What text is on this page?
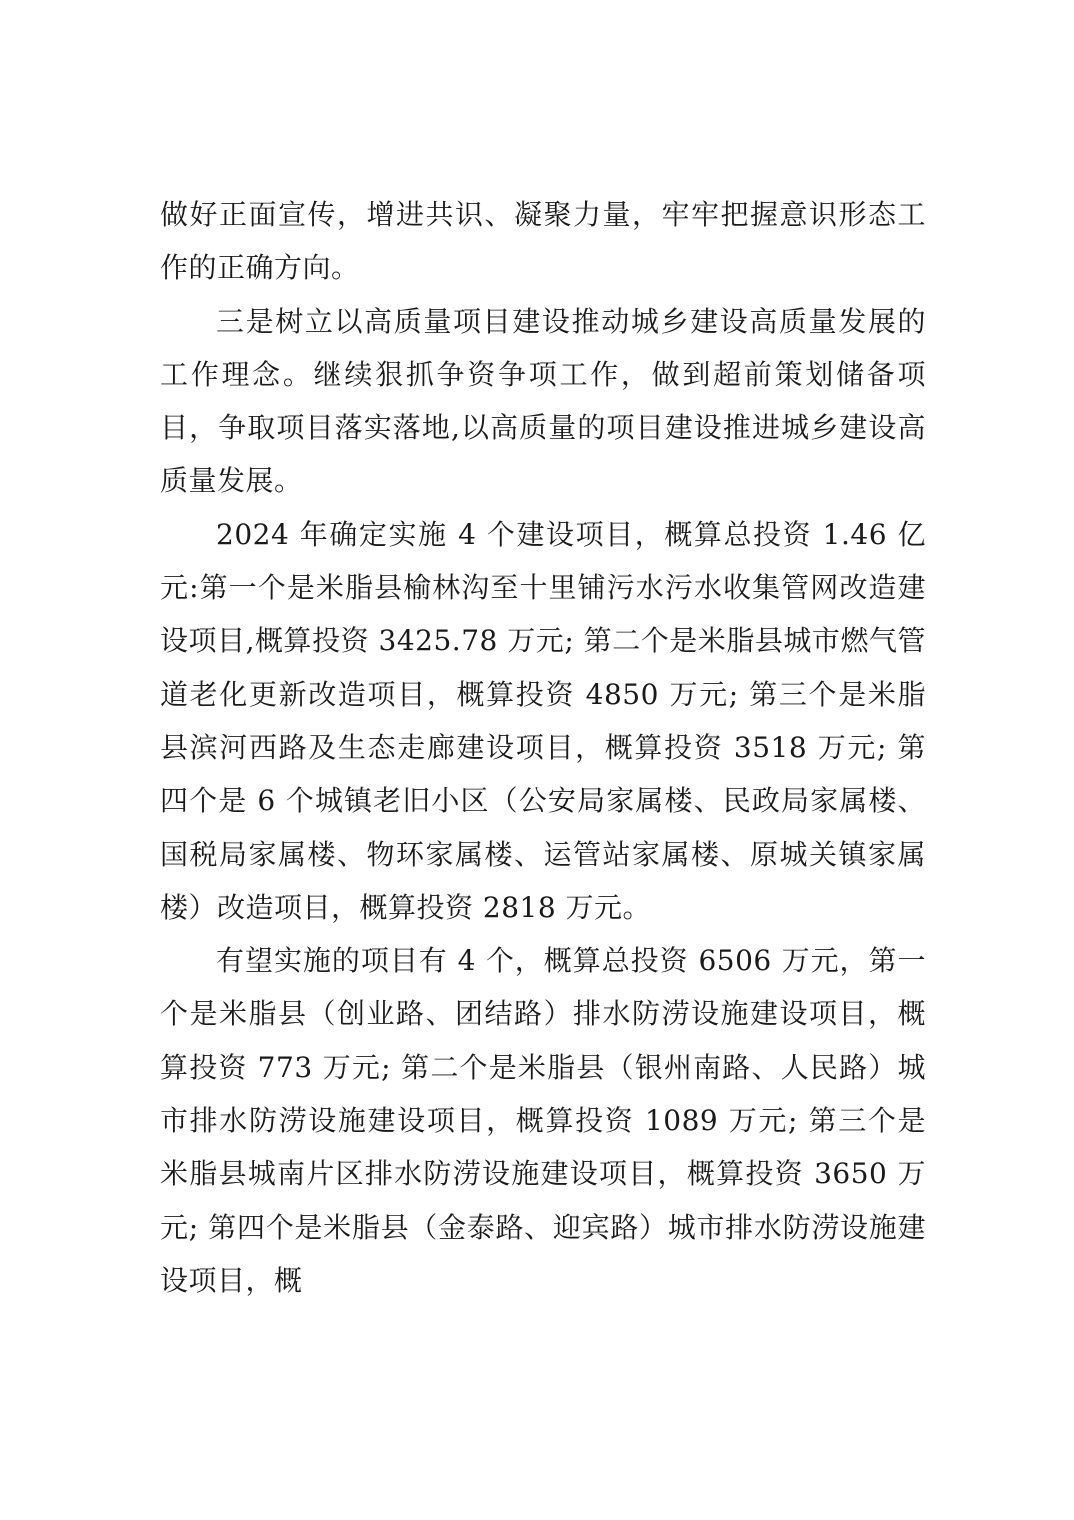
做好正面宣传，增进共识、凝聚力量，牢牢把握意识形态工作的正确方向。

三是树立以高质量项目建设推动城乡建设高质量发展的工作理念。继续狠抓争资争项工作，做到超前策划储备项目，争取项目落实落地,以高质量的项目建设推进城乡建设高质量发展。

2024 年确定实施 4 个建设项目，概算总投资 1.46 亿元:第一个是米脂县榆林沟至十里铺污水污水收集管网改造建设项目,概算投资 3425.78 万元; 第二个是米脂县城市燃气管道老化更新改造项目，概算投资 4850 万元; 第三个是米脂县滨河西路及生态走廊建设项目，概算投资 3518 万元; 第四个是 6 个城镇老旧小区（公安局家属楼、民政局家属楼、国税局家属楼、物环家属楼、运管站家属楼、原城关镇家属楼）改造项目，概算投资 2818 万元。

有望实施的项目有 4 个，概算总投资 6506 万元，第一个是米脂县（创业路、团结路）排水防涝设施建设项目，概算投资 773 万元; 第二个是米脂县（银州南路、人民路）城市排水防涝设施建设项目，概算投资 1089 万元; 第三个是米脂县城南片区排水防涝设施建设项目，概算投资 3650 万元; 第四个是米脂县（金泰路、迎宾路）城市排水防涝设施建设项目，概
